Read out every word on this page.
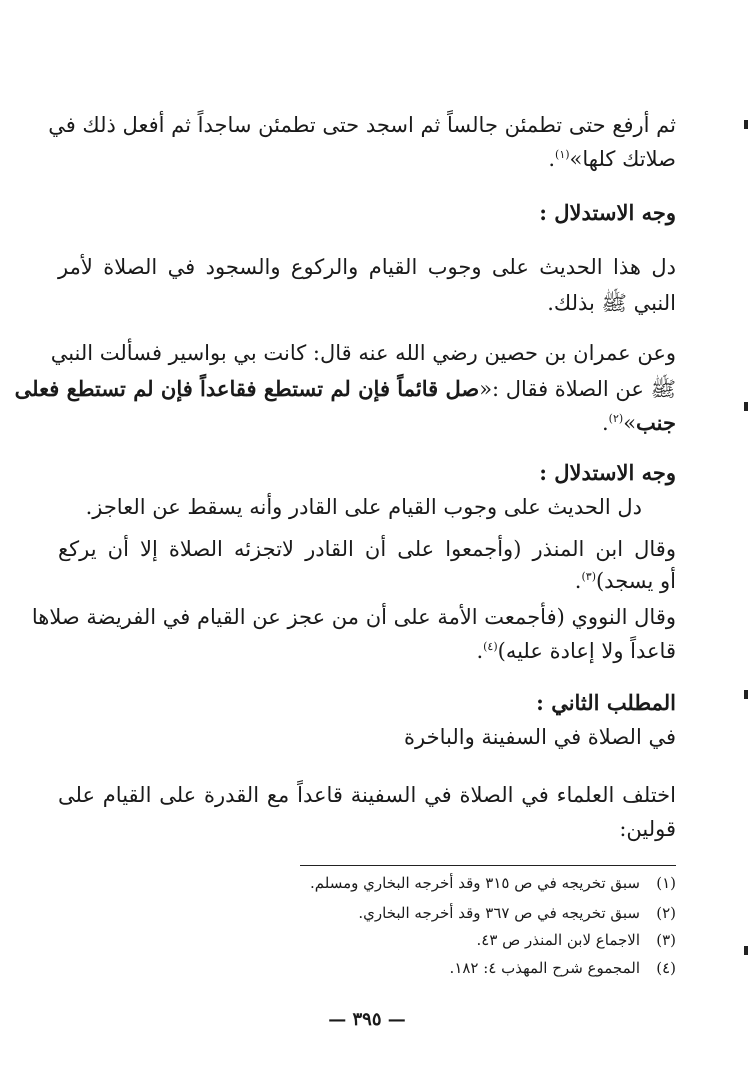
ثم أرفع حتى تطمئن جالساً ثم اسجد حتى تطمئن ساجداً ثم أفعل ذلك في
صلاتك كلها»$^{(١)}$.
وجه الاستدلال :
دل هذا الحديث على وجوب القيام والركوع والسجود في الصلاة لأمر
النبي ﷺ بذلك.
وعن عمران بن حصين رضي الله عنه قال: كانت بي بواسير فسألت النبي
ﷺ عن الصلاة فقال :«صل قائماً فإن لم تستطع فقاعداً فإن لم تستطع فعلى
جنب»$^{(٢)}$.
وجه الاستدلال :
دل الحديث على وجوب القيام على القادر وأنه يسقط عن العاجز.
وقال ابن المنذر (وأجمعوا على أن القادر لاتجزئه الصلاة إلا أن يركع
أو يسجد)$^{(٣)}$.
وقال النووي (فأجمعت الأمة على أن من عجز عن القيام في الفريضة صلاها
قاعداً ولا إعادة عليه)$^{(٤)}$.
المطلب الثاني :
في الصلاة في السفينة والباخرة
اختلف العلماء في الصلاة في السفينة قاعداً مع القدرة على القيام على
قولين:
(١)سبق تخريجه في ص ٣١٥ وقد أخرجه البخاري ومسلم.
(٢)سبق تخريجه في ص ٣٦٧ وقد أخرجه البخاري.
(٣)الاجماع لابن المنذر ص ٤٣.
(٤)المجموع شرح المهذب ٤: ١٨٢.
— ٣٩٥ —
